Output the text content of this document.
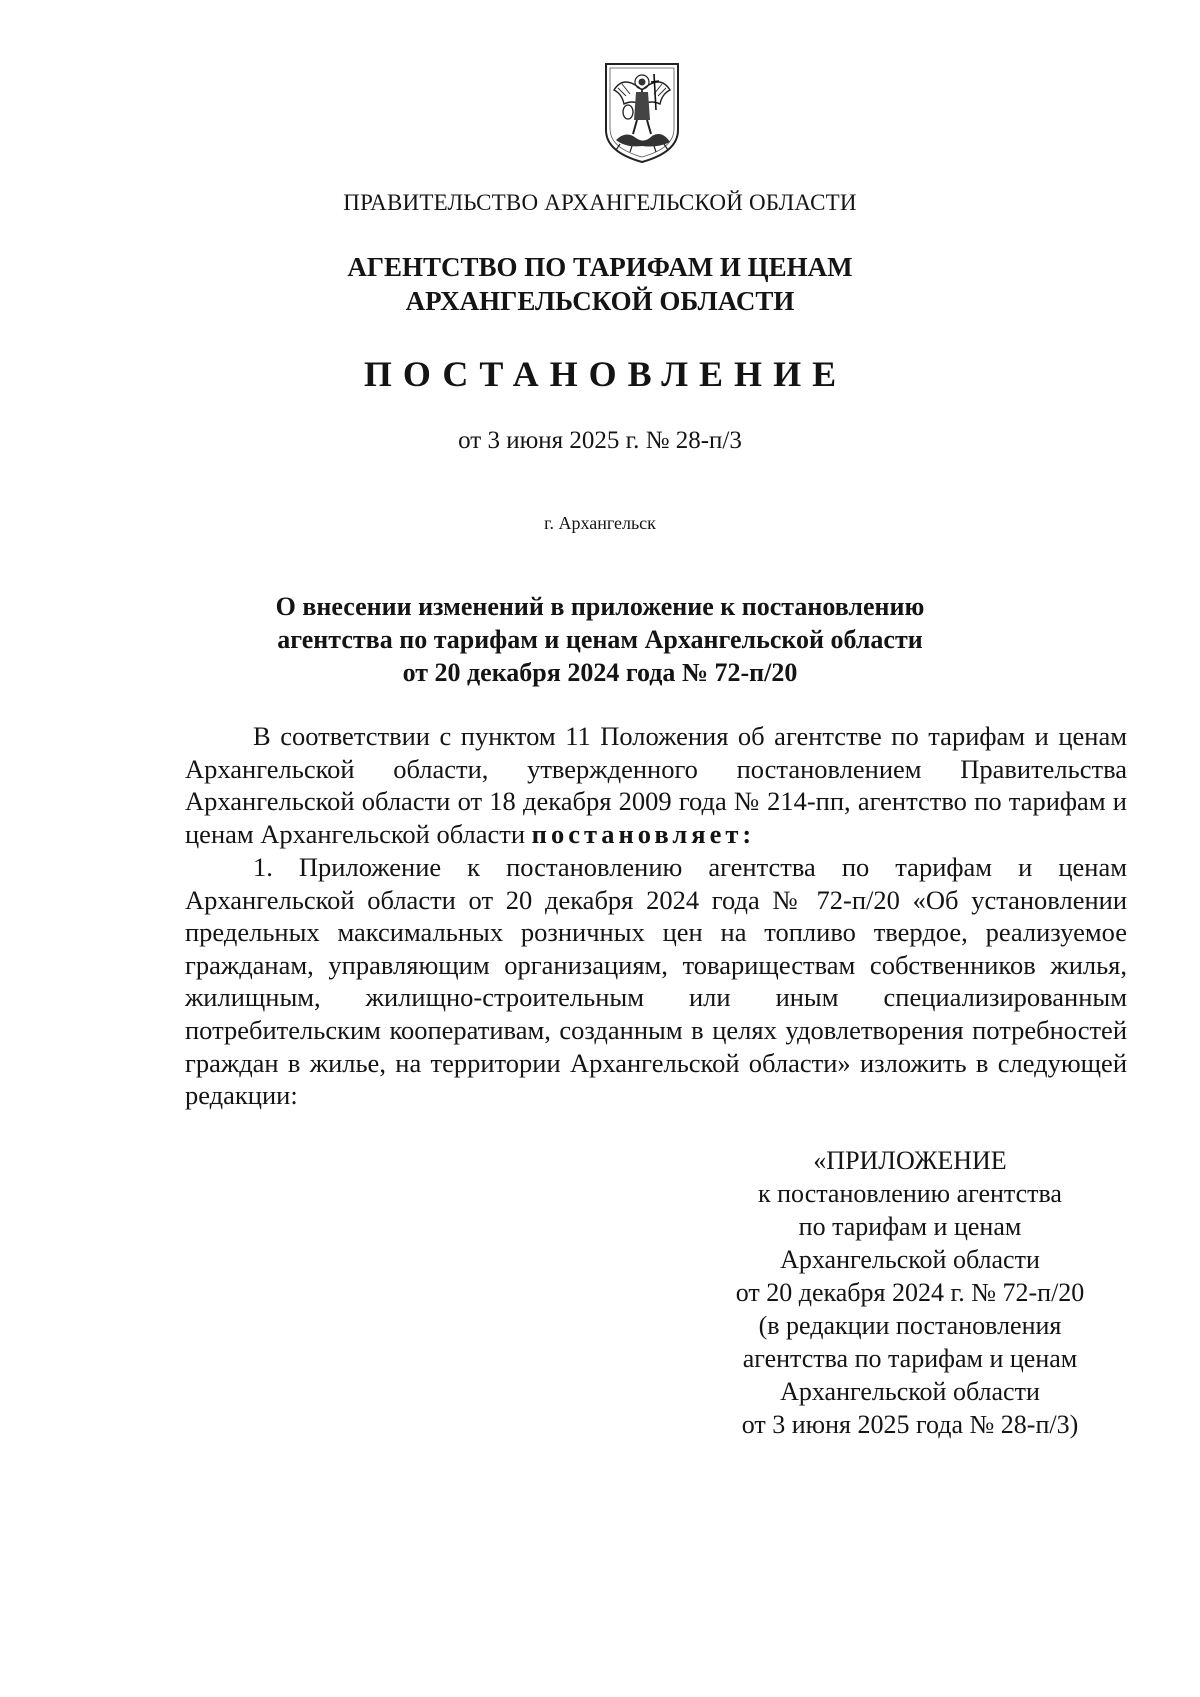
ПРАВИТЕЛЬСТВО АРХАНГЕЛЬСКОЙ ОБЛАСТИ
АГЕНТСТВО ПО ТАРИФАМ И ЦЕНАМ
АРХАНГЕЛЬСКОЙ ОБЛАСТИ
ПОСТАНОВЛЕНИЕ
от 3 июня 2025 г. № 28-п/3
г. Архангельск
О внесении изменений в приложение к постановлению
агентства по тарифам и ценам Архангельской области
от 20 декабря 2024 года № 72-п/20
В соответствии с пунктом 11 Положения об агентстве по тарифам и ценам Архангельской области, утвержденного постановлением Правительства Архангельской области от 18 декабря 2009 года № 214-пп, агентство по тарифам и ценам Архангельской области постановляет:
1. Приложение к постановлению агентства по тарифам и ценам Архангельской области от 20 декабря 2024 года № 72-п/20 «Об установлении предельных максимальных розничных цен на топливо твердое, реализуемое гражданам, управляющим организациям, товариществам собственников жилья, жилищным, жилищно-строительным или иным специализированным потребительским кооперативам, созданным в целях удовлетворения потребностей граждан в жилье, на территории Архангельской области» изложить в следующей редакции:
«ПРИЛОЖЕНИЕ
к постановлению агентства
по тарифам и ценам
Архангельской области
от 20 декабря 2024 г. № 72-п/20
(в редакции постановления
агентства по тарифам и ценам
Архангельской области
от 3 июня 2025 года № 28-п/3)
